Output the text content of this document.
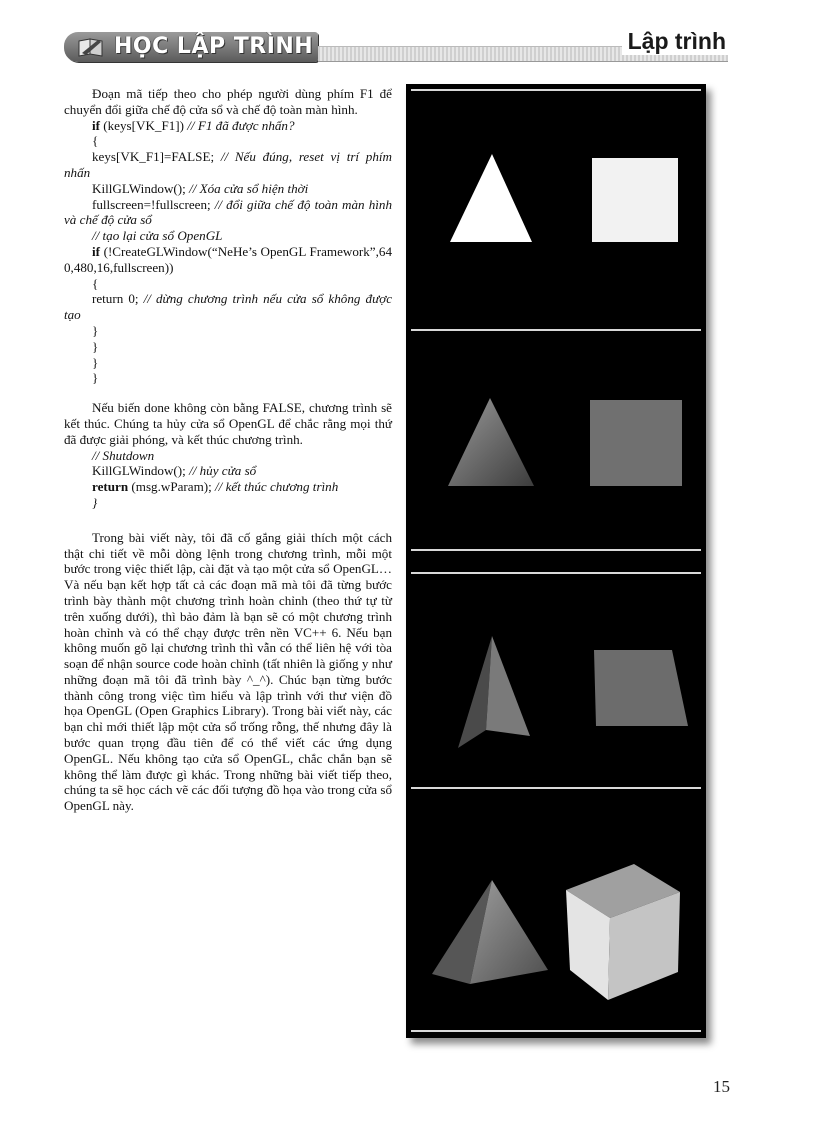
HỌC LẬP TRÌNH	Lập trình

Đoạn mã tiếp theo cho phép người dùng phím F1 để chuyển đổi giữa chế độ cửa sổ và chế độ toàn màn hình.

if (keys[VK_F1]) // F1 đã được nhấn?

{

keys[VK_F1]=FALSE; // Nếu đúng, reset vị trí phím nhấn

KillGLWindow(); // Xóa cửa sổ hiện thời

fullscreen=!fullscreen; // đổi giữa chế độ toàn màn hình và chế độ cửa sổ

// tạo lại cửa sổ OpenGL

if (!CreateGLWindow(“NeHe’s OpenGL Framework”,640,480,16,fullscreen))

{

return 0; // dừng chương trình nếu cửa sổ không được tạo

}

}

}

}

Nếu biến done không còn bằng FALSE, chương trình sẽ kết thúc. Chúng ta hủy cửa sổ OpenGL để chắc rằng mọi thứ đã được giải phóng, và kết thúc chương trình.

// Shutdown

KillGLWindow(); // hủy cửa sổ

return (msg.wParam); // kết thúc chương trình

}

Trong bài viết này, tôi đã cố gắng giải thích một cách thật chi tiết về mỗi dòng lệnh trong chương trình, mỗi một bước trong việc thiết lập, cài đặt và tạo một cửa sổ OpenGL… Và nếu bạn kết hợp tất cả các đoạn mã mà tôi đã từng bước trình bày thành một chương trình hoàn chỉnh (theo thứ tự từ trên xuống dưới), thì bảo đảm là bạn sẽ có một chương trình hoàn chỉnh và có thể chạy được trên nền VC++ 6. Nếu bạn không muốn gõ lại chương trình thì vẫn có thể liên hệ với tòa soạn để nhận source code hoàn chỉnh (tất nhiên là giống y như những đoạn mã tôi đã trình bày ^_^). Chúc bạn từng bước thành công trong việc tìm hiểu và lập trình với thư viện đồ họa OpenGL (Open Graphics Library). Trong bài viết này, các bạn chỉ mới thiết lập một cửa sổ trống rỗng, thế nhưng đây là bước quan trọng đầu tiên để có thể viết các ứng dụng OpenGL. Nếu không tạo cửa sổ OpenGL, chắc chắn bạn sẽ không thể làm được gì khác. Trong những bài viết tiếp theo, chúng ta sẽ học cách vẽ các đối tượng đồ họa vào trong cửa sổ OpenGL này.

15
